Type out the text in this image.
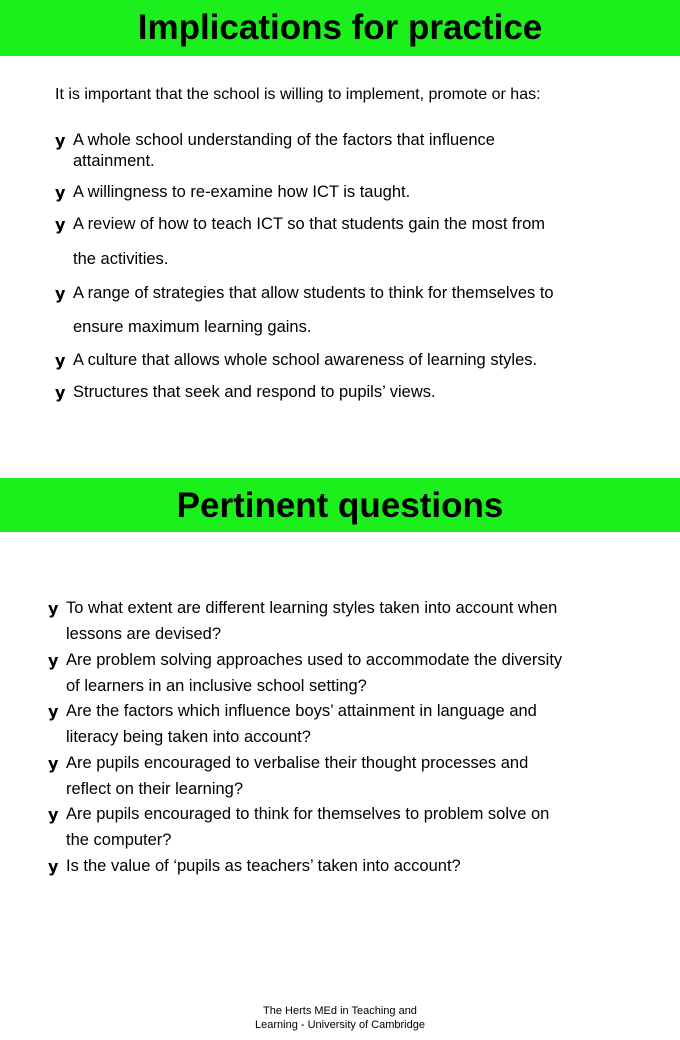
Implications for practice
It is important that the school is willing to implement, promote or has:
y A whole school understanding of the factors that influence
attainment.
y A willingness to re-examine how ICT is taught.
y A review of how to teach ICT so that students gain the most from
the activities.
y A range of strategies that allow students to think for themselves to
ensure maximum learning gains.
y A culture that allows whole school awareness of learning styles.
y Structures that seek and respond to pupils’ views.
Pertinent questions
y To what extent are different learning styles taken into account when
lessons are devised?
y Are problem solving approaches used to accommodate the diversity
of learners in an inclusive school setting?
y Are the factors which influence boys’ attainment in language and
literacy being taken into account?
y Are pupils encouraged to verbalise their thought processes and
reflect on their learning?
y Are pupils encouraged to think for themselves to problem solve on
the computer?
y Is the value of ‘pupils as teachers’ taken into account?
The Herts MEd in Teaching and
Learning - University of Cambridge
